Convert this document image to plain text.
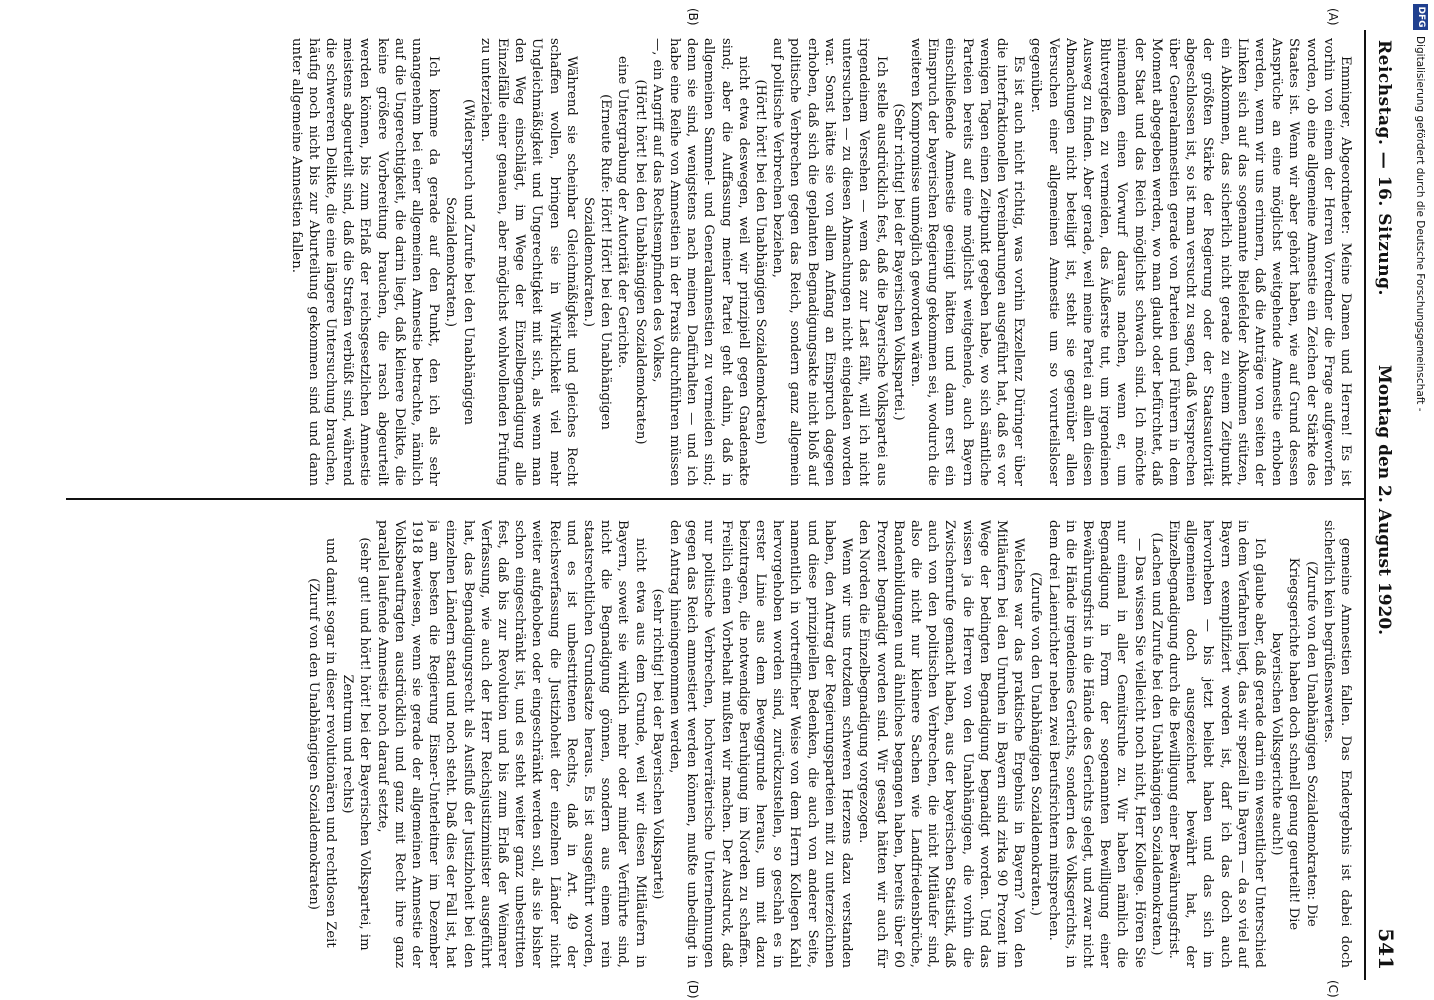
Reichstag. — 16. Sitzung.
Montag den 2. August 1920.
541
(A)
(B)
(C)
(D)

Emminger, Abgeordneter: Meine Damen und Herren! Es ist vorhin von einem der Herren Vorredner die Frage aufgeworfen worden, ob eine allgemeine Amnestie ein Zeichen der Stärke des Staates ist. Wenn wir aber gehört haben, wie auf Grund dessen Ansprüche an eine möglichst weitgehende Amnestie erhoben werden, wenn wir uns erinnern, daß die Anträge von seiten der Linken sich auf das sogenannte Bielefelder Abkommen stützen, ein Abkommen, das sicherlich nicht gerade zu einem Zeitpunkt der größten Stärke der Regierung oder der Staatsautorität abgeschlossen ist, so ist man versucht zu sagen, daß Versprechen über Generalamnestien gerade von Parteien und Führern in dem Moment abgegeben werden, wo man glaubt oder befürchtet, daß der Staat und das Reich möglichst schwach sind. Ich möchte niemandem einen Vorwurf daraus machen, wenn er, um Blutvergießen zu vermeiden, das Äußerste tut, um irgendeinen Ausweg zu finden. Aber gerade, weil meine Partei an allen diesen Abmachungen nicht beteiligt ist, steht sie gegenüber allen Versuchen einer allgemeinen Amnestie um so vorurteilsloser gegenüber.

Es ist auch nicht richtig, was vorhin Exzellenz Düringer über die interfraktionellen Vereinbarungen ausgeführt hat, daß es vor wenigen Tagen einen Zeitpunkt gegeben habe, wo sich sämtliche Parteien bereits auf eine möglichst weitgehende, auch Bayern einschließende Amnestie geeinigt hätten und dann erst ein Einspruch der bayerischen Regierung gekommen sei, wodurch die weiteren Kompromisse unmöglich geworden wären.

(Sehr richtig! bei der Bayerischen Volkspartei.)

Ich stelle ausdrücklich fest, daß die Bayerische Volkspartei aus irgendeinem Versehen — wem das zur Last fällt, will ich nicht untersuchen — zu diesen Abmachungen nicht eingeladen worden war. Sonst hätte sie von allem Anfang an Einspruch dagegen erhoben, daß sich die geplanten Begnadigungsakte nicht bloß auf politische Verbrechen gegen das Reich, sondern ganz allgemein auf politische Verbrechen beziehen,

(Hört! hört! bei den Unabhängigen Sozialdemokraten)

nicht etwa deswegen, weil wir prinzipiell gegen Gnadenakte sind; aber die Auffassung meiner Partei geht dahin, daß in allgemeinen Sammel- und Generalamnestien zu vermeiden sind; denn sie sind, wenigstens nach meinen Dafürhalten — und ich habe eine Reihe von Amnestien in der Praxis durchführen müssen —, ein Angriff auf das Rechtsempfinden des Volkes,

(Hört! hört! bei den Unabhängigen Sozialdemokraten)

eine Untergrabung der Autorität der Gerichte.

(Erneute Rufe: Hört! Hört! bei den Unabhängigen Sozialdemokraten.)

Während sie scheinbar Gleichmäßigkeit und gleiches Recht schaffen wollen, bringen sie in Wirklichkeit viel mehr Ungleichmäßigkeit und Ungerechtigkeit mit sich, als wenn man den Weg einschlägt, im Wege der Einzelbegnadigung alle Einzelfälle einer genauen, aber möglichst wohlwollenden Prüfung zu unterziehen.

(Widerspruch und Zurufe bei den Unabhängigen Sozialdemokraten.)

Ich komme da gerade auf den Punkt, den ich als sehr unangenehm bei einer allgemeinen Amnestie betrachte, nämlich auf die Ungerechtigkeit, die darin liegt, daß kleinere Delikte, die keine größere Vorbereitung brauchen, die rasch abgeurteilt werden können, bis zum Erlaß der reichsgesetzlichen Amnestie meistens abgeurteilt sind, daß die Strafen verbüßt sind, während die schwereren Delikte, die eine längere Untersuchung brauchen, häufig noch nicht bis zur Aburteilung gekommen sind und dann unter allgemeine Amnestien fallen.

gemeine Amnestien fallen. Das Endergebnis ist dabei doch sicherlich kein begrüßenswertes.

(Zurufe von den Unabhängigen Sozialdemokraten: Die Kriegsgerichte haben doch schnell genug geurteilt! Die bayerischen Volksgerichte auch!)

Ich glaube aber, daß gerade darin ein wesentlicher Unterschied in dem Verfahren liegt, das wir speziell in Bayern — da so viel auf Bayern exemplifiziert worden ist, darf ich das doch auch hervorheben — bis jetzt beliebt haben und das sich im allgemeinen doch ausgezeichnet bewährt hat, der Einzelbegnadigung durch die Bewilligung einer Bewährungsfrist.

(Lachen und Zurufe bei den Unabhängigen Sozialdemokraten.)

— Das wissen Sie vielleicht noch nicht, Herr Kollege. Hören Sie nur einmal in aller Gemütsruhe zu. Wir haben nämlich die Begnadigung in Form der sogenannten Bewilligung einer Bewährungsfrist in die Hände des Gerichts gelegt, und zwar nicht in die Hände irgendeines Gerichts, sondern des Volksgerichts, in dem drei Laienrichter neben zwei Berufsrichtern mitsprechen.

(Zurufe von den Unabhängigen Sozialdemokraten.)

Welches war das praktische Ergebnis in Bayern? Von den Mitläufern bei den Unruhen in Bayern sind zirka 90 Prozent im Wege der bedingten Begnadigung begnadigt worden. Und das wissen ja die Herren von den Unabhängigen, die vorhin die Zwischenrufe gemacht haben, aus der bayerischen Statistik, daß auch von den politischen Verbrechen, die nicht Mitläufer sind, also die nicht nur kleinere Sachen wie Landfriedensbrüche, Bandenbildungen und ähnliches begangen haben, bereits über 60 Prozent begnadigt worden sind. Wir gesagt hätten wir auch für den Norden die Einzelbegnadigung vorgezogen.

Wenn wir uns trotzdem schweren Herzens dazu verstanden haben, den Antrag der Regierungsparteien mit zu unterzeichnen und diese prinzipiellen Bedenken, die auch von anderer Seite, namentlich in vortrefflicher Weise von dem Herrn Kollegen Kahl hervorgehoben worden sind, zurückzustellen, so geschah es in erster Linie aus dem Beweggrunde heraus, um mit dazu beizutragen, die notwendige Beruhigung im Norden zu schaffen. Freilich einen Vorbehalt mußten wir machen. Der Ausdruck, daß nur politische Verbrechen, hochverräterische Unternehmungen gegen das Reich amnestiert werden können, mußte unbedingt in den Antrag hineingenommen werden,

(sehr richtig! bei der Bayerischen Volkspartei)

nicht etwa aus dem Grunde, weil wir diesen Mitläufern in Bayern, soweit sie wirklich mehr oder minder Verführte sind, nicht die Begnadigung gönnen, sondern aus einem rein staatsrechtlichen Grundsatze heraus. Es ist ausgeführt worden, und es ist unbestrittenen Rechts, daß in Art. 49 der Reichsverfassung die Justizhoheit der einzelnen Länder nicht weiter aufgehoben oder eingeschränkt werden soll, als sie bisher schon eingeschränkt ist, und es steht weiter ganz unbestritten fest, daß bis zur Revolution und bis zum Erlaß der Weimarer Verfassung, wie auch der Herr Reichsjustizminister ausgeführt hat, das Begnadigungsrecht als Ausfluß der Justizhoheit bei den einzelnen Ländern stand und noch steht. Daß dies der Fall ist, hat ja am besten die Regierung Eisner-Unterleitner im Dezember 1918 bewiesen, wenn sie gerade der allgemeinen Amnestie der Volksbeauftragten ausdrücklich und ganz mit Recht ihre ganz parallel laufende Amnestie noch darauf setzte,

(sehr gut! und hört! hört! bei der Bayerischen Volkspartei, im Zentrum und rechts)

und damit sogar in dieser revolutionären und rechtlosen Zeit

(Zuruf von den Unabhängigen Sozialdemokraten)

DFG
Digitalisierung gefördert durch die Deutsche Forschungsgemeinschaft -
